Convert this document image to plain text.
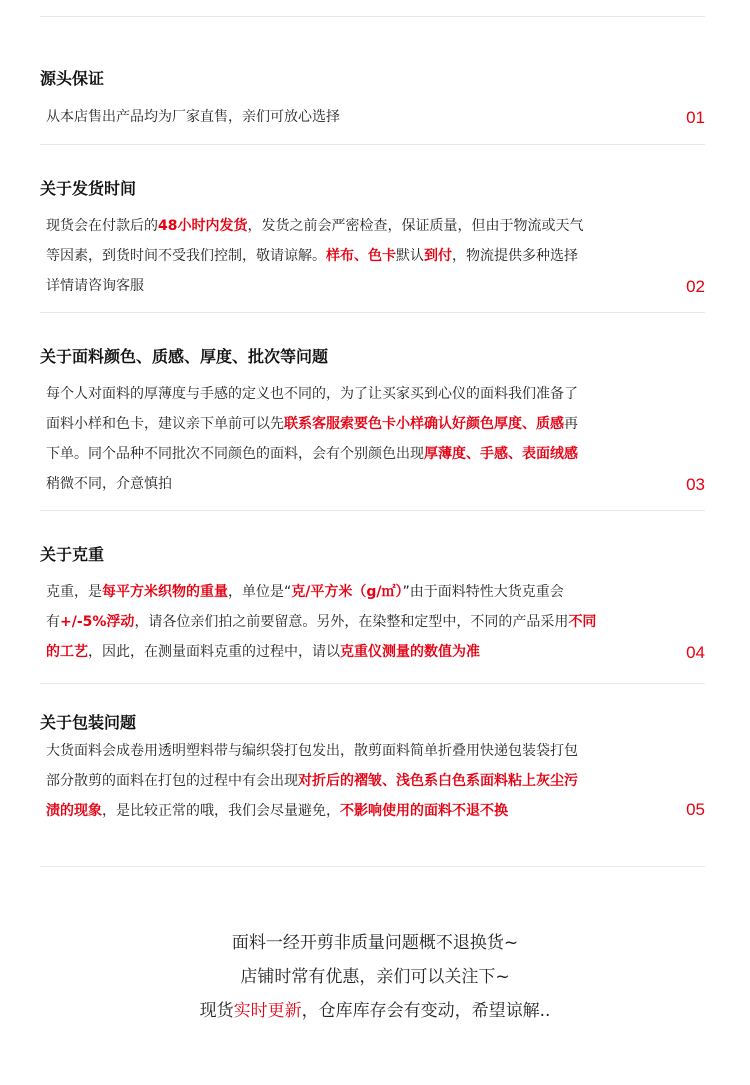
源头保证
从本店售出产品均为厂家直售，亲们可放心选择	01
关于发货时间
现货会在付款后的48小时内发货，发货之前会严密检查，保证质量，但由于物流或天气
等因素，到货时间不受我们控制，敬请谅解。样布、色卡默认到付，物流提供多种选择
详情请咨询客服	02
关于面料颜色、质感、厚度、批次等问题
每个人对面料的厚薄度与手感的定义也不同的，为了让买家买到心仪的面料我们准备了
面料小样和色卡，建议亲下单前可以先联系客服索要色卡小样确认好颜色厚度、质感再
下单。同个品种不同批次不同颜色的面料，会有个别颜色出现厚薄度、手感、表面绒感
稍微不同，介意慎拍	03
关于克重
克重，是每平方米织物的重量，单位是“克/平方米（g/㎡）”由于面料特性大货克重会
有+/-5%浮动，请各位亲们拍之前要留意。另外，在染整和定型中，不同的产品采用不同
的工艺，因此，在测量面料克重的过程中，请以克重仪测量的数值为准	04
关于包装问题
大货面料会成卷用透明塑料带与编织袋打包发出，散剪面料简单折叠用快递包装袋打包
部分散剪的面料在打包的过程中有会出现对折后的褶皱、浅色系白色系面料粘上灰尘污
渍的现象，是比较正常的哦，我们会尽量避免，不影响使用的面料不退不换	05
面料一经开剪非质量问题概不退换货~
店铺时常有优惠，亲们可以关注下~
现货实时更新，仓库库存会有变动，希望谅解..
